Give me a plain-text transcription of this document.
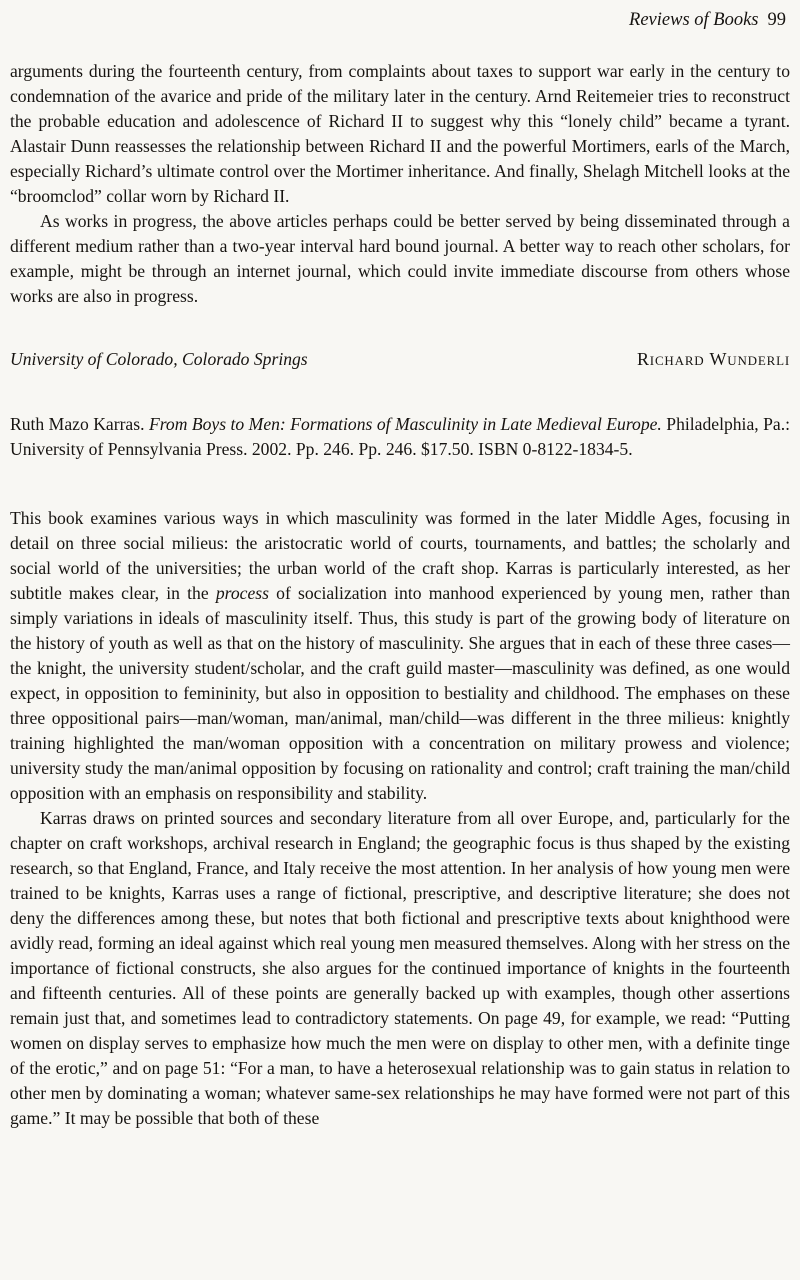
Reviews of Books 99

arguments during the fourteenth century, from complaints about taxes to support war early in the century to condemnation of the avarice and pride of the military later in the century. Arnd Reitemeier tries to reconstruct the probable education and adolescence of Richard II to suggest why this “lonely child” became a tyrant. Alastair Dunn reassesses the relationship between Richard II and the powerful Mortimers, earls of the March, especially Richard’s ultimate control over the Mortimer inheritance. And finally, Shelagh Mitchell looks at the “broomclod” collar worn by Richard II.

As works in progress, the above articles perhaps could be better served by being disseminated through a different medium rather than a two-year interval hard bound journal. A better way to reach other scholars, for example, might be through an internet journal, which could invite immediate discourse from others whose works are also in progress.

University of Colorado, Colorado Springs	Richard Wunderli

Ruth Mazo Karras. From Boys to Men: Formations of Masculinity in Late Medieval Europe. Philadelphia, Pa.: University of Pennsylvania Press. 2002. Pp. 246. Pp. 246. $17.50. ISBN 0-8122-1834-5.

This book examines various ways in which masculinity was formed in the later Middle Ages, focusing in detail on three social milieus: the aristocratic world of courts, tournaments, and battles; the scholarly and social world of the universities; the urban world of the craft shop. Karras is particularly interested, as her subtitle makes clear, in the process of socialization into manhood experienced by young men, rather than simply variations in ideals of masculinity itself. Thus, this study is part of the growing body of literature on the history of youth as well as that on the history of masculinity. She argues that in each of these three cases—the knight, the university student/scholar, and the craft guild master—masculinity was defined, as one would expect, in opposition to femininity, but also in opposition to bestiality and childhood. The emphases on these three oppositional pairs—man/woman, man/animal, man/child—was different in the three milieus: knightly training highlighted the man/woman opposition with a concentration on military prowess and violence; university study the man/animal opposition by focusing on rationality and control; craft training the man/child opposition with an emphasis on responsibility and stability.

Karras draws on printed sources and secondary literature from all over Europe, and, particularly for the chapter on craft workshops, archival research in England; the geographic focus is thus shaped by the existing research, so that England, France, and Italy receive the most attention. In her analysis of how young men were trained to be knights, Karras uses a range of fictional, prescriptive, and descriptive literature; she does not deny the differences among these, but notes that both fictional and prescriptive texts about knighthood were avidly read, forming an ideal against which real young men measured themselves. Along with her stress on the importance of fictional constructs, she also argues for the continued importance of knights in the fourteenth and fifteenth centuries. All of these points are generally backed up with examples, though other assertions remain just that, and sometimes lead to contradictory statements. On page 49, for example, we read: “Putting women on display serves to emphasize how much the men were on display to other men, with a definite tinge of the erotic,” and on page 51: “For a man, to have a heterosexual relationship was to gain status in relation to other men by dominating a woman; whatever same-sex relationships he may have formed were not part of this game.” It may be possible that both of these
